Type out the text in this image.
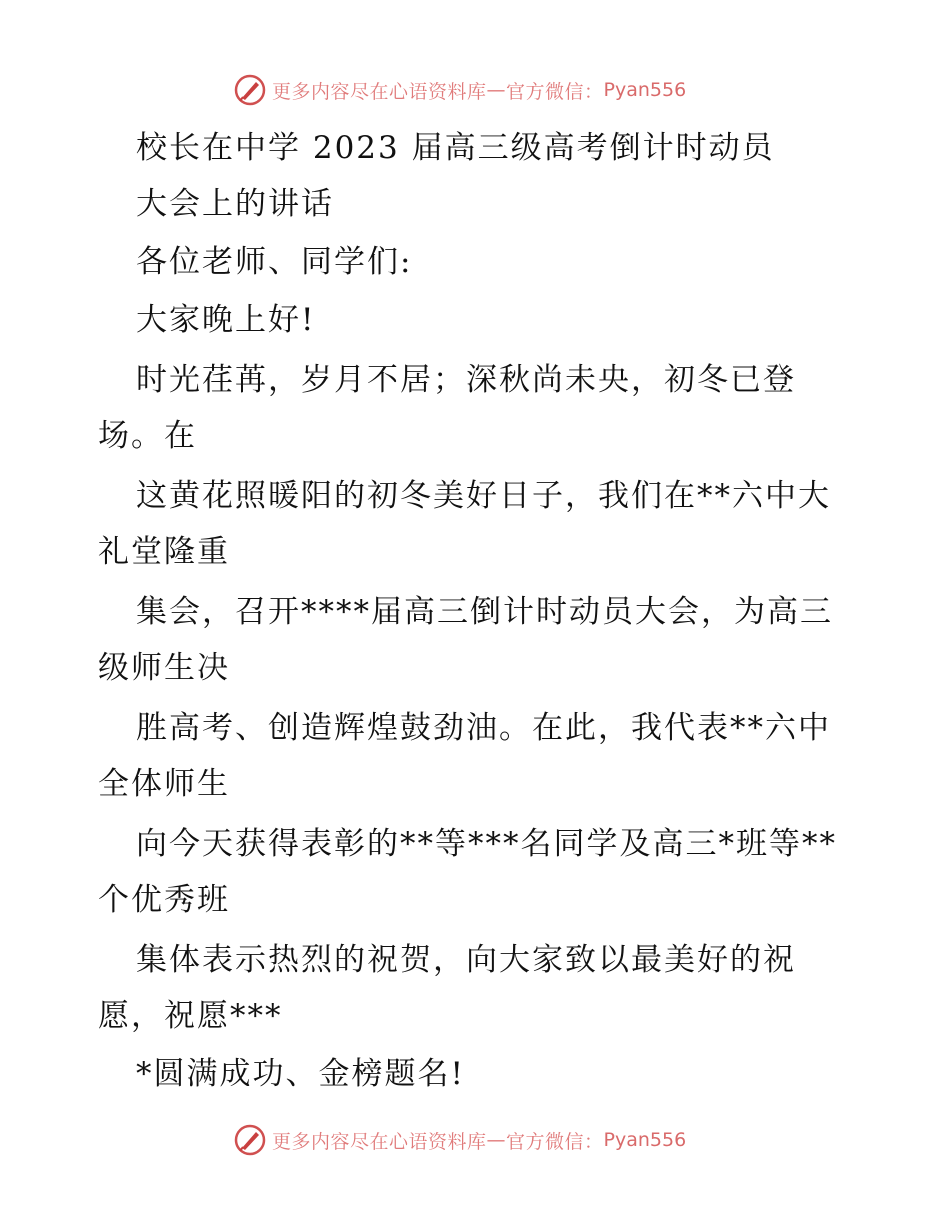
更多内容尽在心语资料库 — 官方微信： Pyan556
校长在中学 2023 届高三级高考倒计时动员
大会上的讲话
各位老师、同学们:
大家晚上好!
时光荏苒，岁月不居；深秋尚未央，初冬已登
场。在
这黄花照暖阳的初冬美好日子，我们在**六中大
礼堂隆重
集会，召开****届高三倒计时动员大会，为高三
级师生决
胜高考、创造辉煌鼓劲油。在此，我代表**六中
全体师生
向今天获得表彰的**等***名同学及高三*班等**
个优秀班
集体表示热烈的祝贺，向大家致以最美好的祝
愿，祝愿***
*圆满成功、金榜题名!
更多内容尽在心语资料库 — 官方微信： Pyan556
